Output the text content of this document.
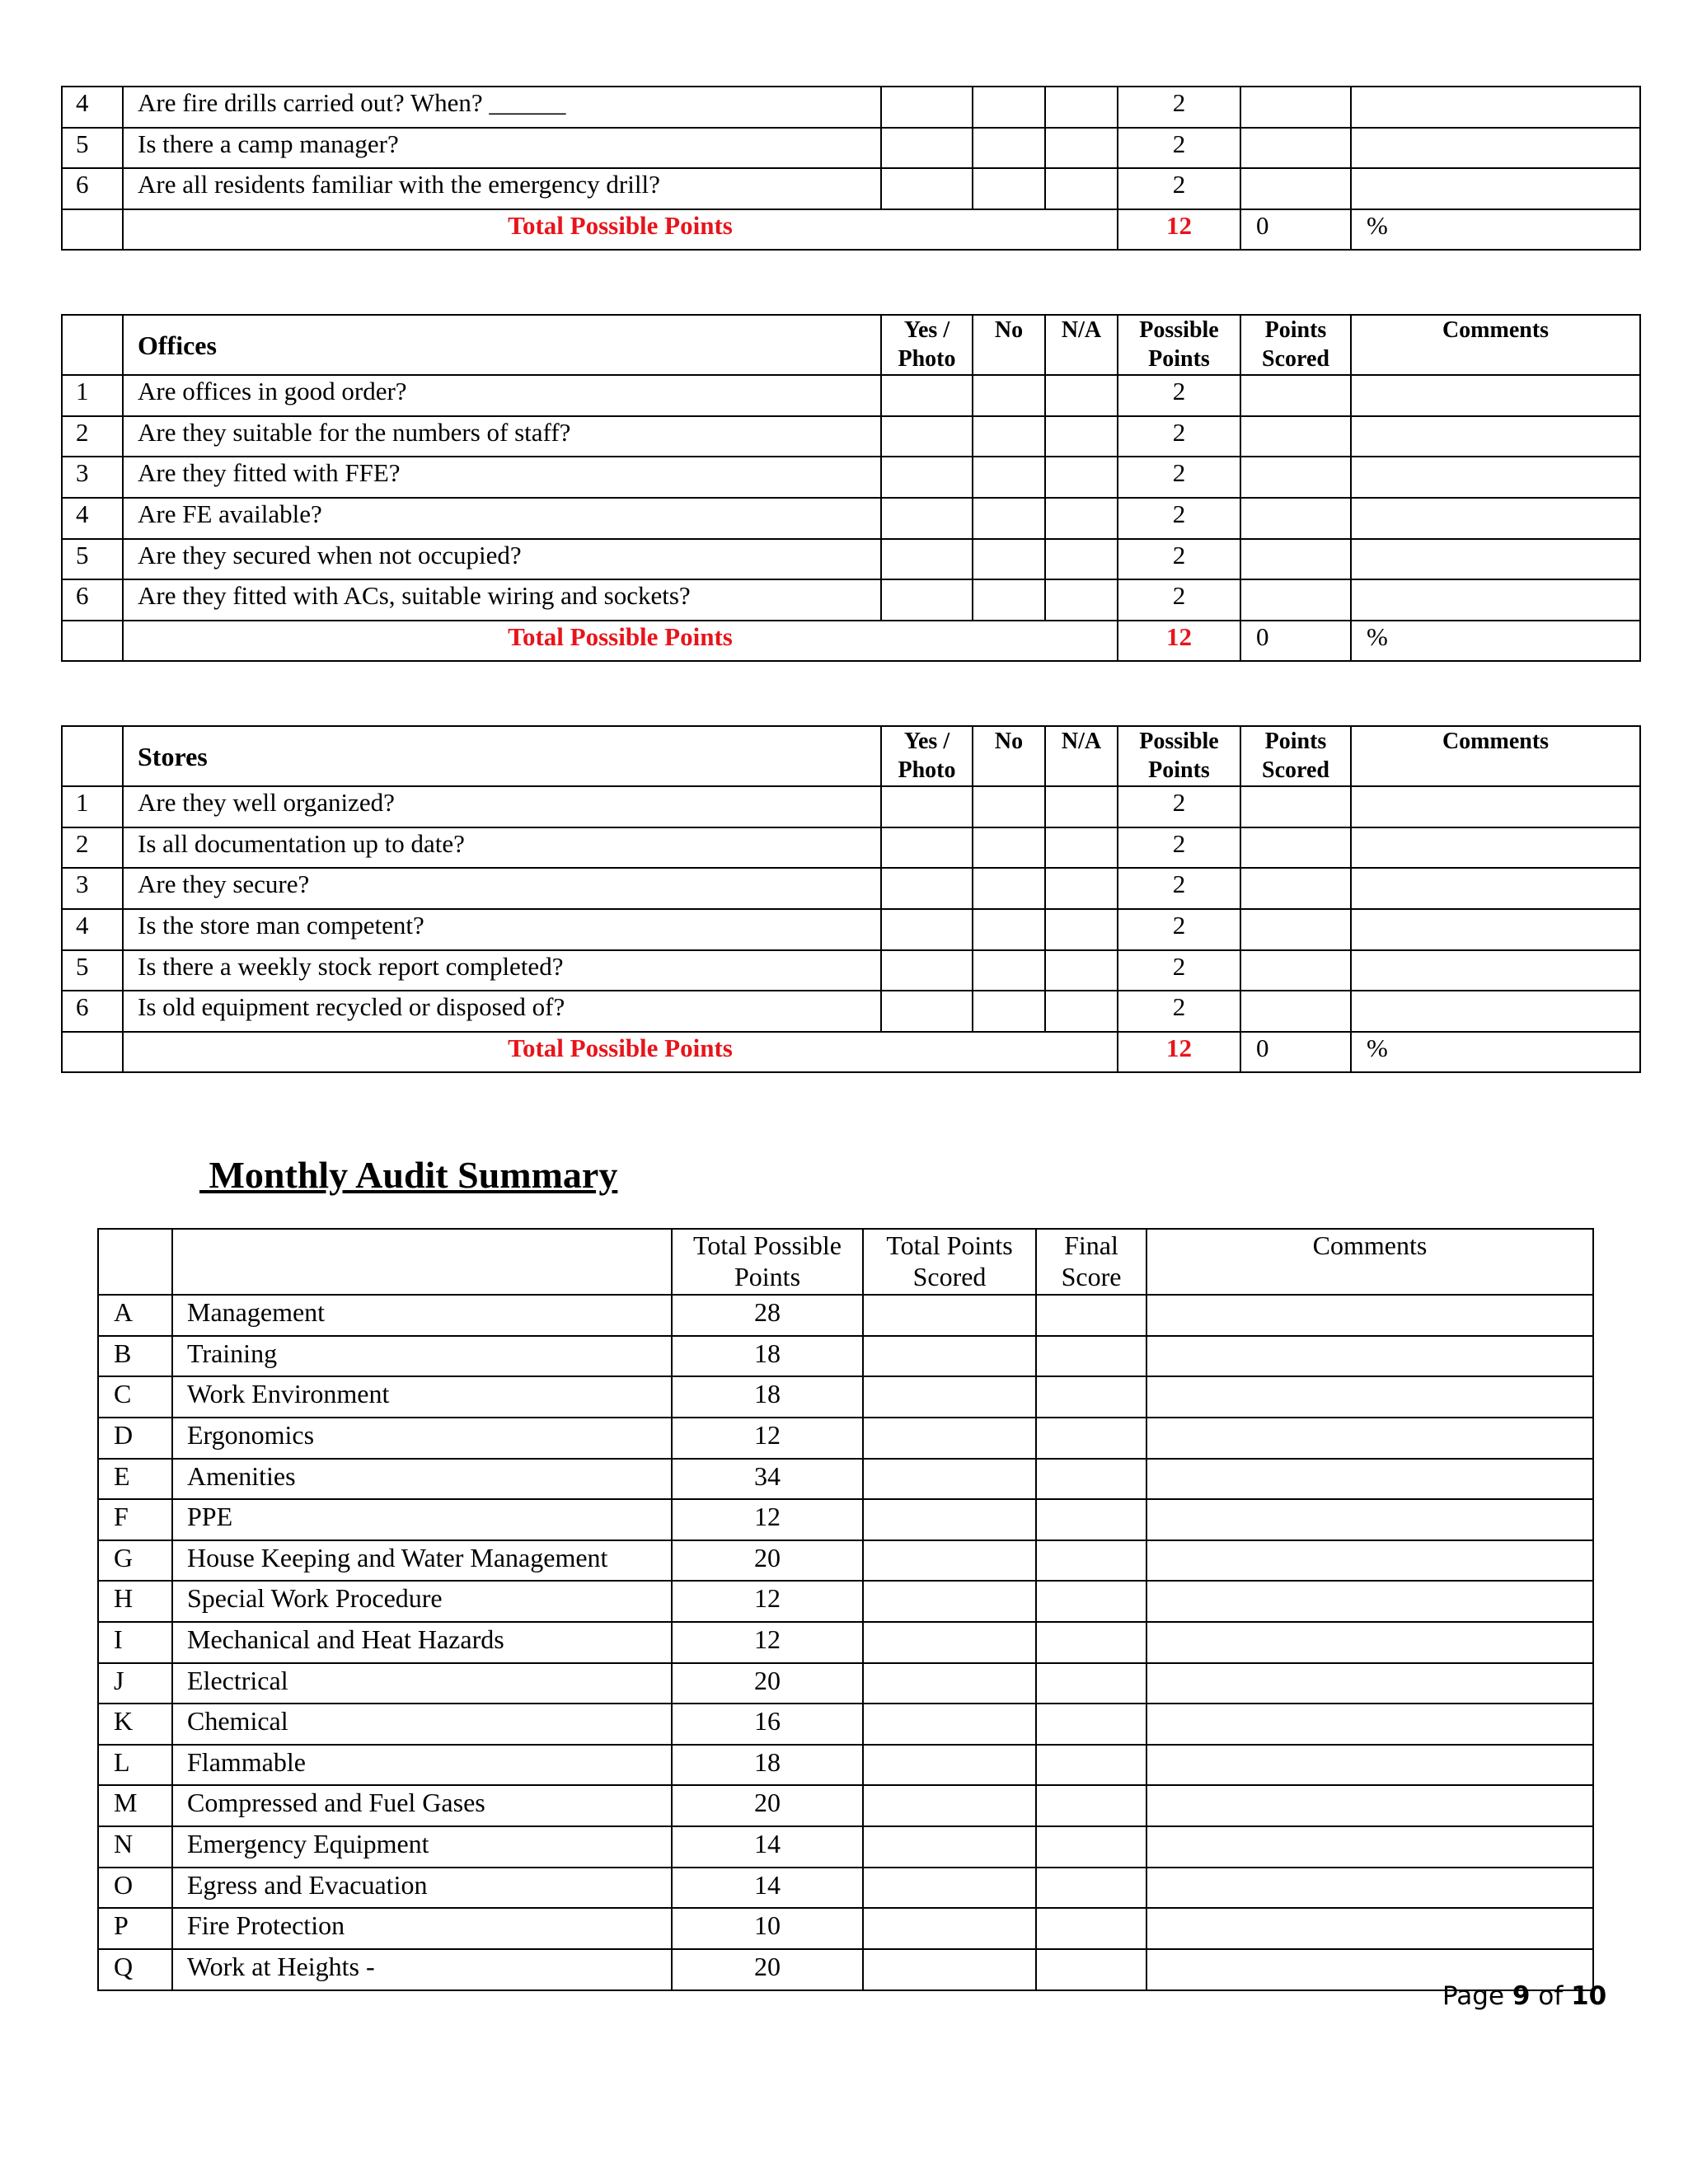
4	Are fire drills carried out? When? ______				2		
5	Is there a camp manager?				2		
6	Are all residents familiar with the emergency drill?				2		
	Total Possible Points				12	0	%
	Offices	Yes / Photo	No	N/A	Possible Points	Points Scored	Comments
1	Are offices in good order?				2		
2	Are they suitable for the numbers of staff?				2		
3	Are they fitted with FFE?				2		
4	Are FE available?				2		
5	Are they secured when not occupied?				2		
6	Are they fitted with ACs, suitable wiring and sockets?				2		
	Total Possible Points				12	0	%
	Stores	Yes / Photo	No	N/A	Possible Points	Points Scored	Comments
1	Are they well organized?				2		
2	Is all documentation up to date?				2		
3	Are they secure?				2		
4	Is the store man competent?				2		
5	Is there a weekly stock report completed?				2		
6	Is old equipment recycled or disposed of?				2		
	Total Possible Points				12	0	%
Monthly Audit Summary
		Total Possible Points	Total Points Scored	Final Score	Comments
A	Management	28			
B	Training	18			
C	Work Environment	18			
D	Ergonomics	12			
E	Amenities	34			
F	PPE	12			
G	House Keeping and Water Management	20			
H	Special Work Procedure	12			
I	Mechanical and Heat Hazards	12			
J	Electrical	20			
K	Chemical	16			
L	Flammable	18			
M	Compressed and Fuel Gases	20			
N	Emergency Equipment	14			
O	Egress and Evacuation	14			
P	Fire Protection	10			
Q	Work at Heights -	20			
Page 9 of 10
